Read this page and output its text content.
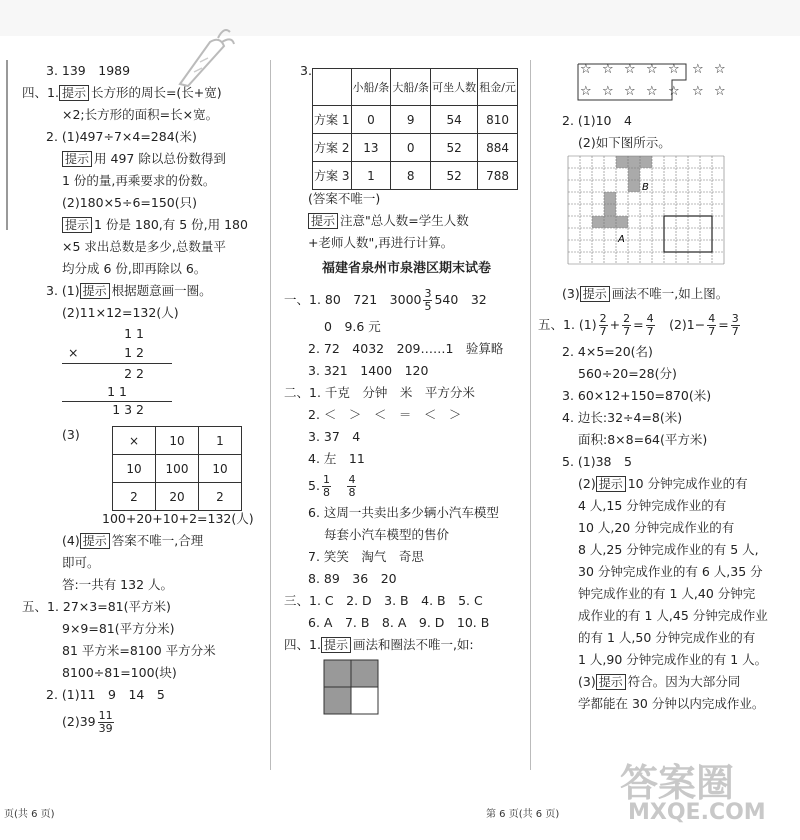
3. 139　1989
四、1. 提示 长方形的周长=(长+宽)
×2;长方形的面积=长×宽。
2. (1)497÷7×4=284(米)
提示 用 497 除以总份数得到
1 份的量,再乘要求的份数。
(2)180×5÷6=150(只)
提示 1 份是 180,有 5 份,用 180
×5 求出总数是多少,总数量平
均分成 6 份,即再除以 6。
3. (1) 提示 根据题意画一圈。
(2)11×12=132(人)
1 1
×	1 2
2 2
1 1
1 3 2
(3)	×	10	1
10	100	10
2	20	2
100+20+10+2=132(人)
(4) 提示 答案不唯一,合理
即可。
答:一共有 132 人。
五、1. 27×3=81(平方米)
9×9=81(平方分米)
81 平方米=8100 平方分米
8100÷81=100(块)
2. (1)11　9　14　5
$(2)39 \frac{11}{39}$
3.
	小船/条	大船/条	可坐人数	租金/元
方案 1	0	9	54	810
方案 2	13	0	52	884
方案 3	1	8	52	788
(答案不唯一)
提示 注意"总人数=学生人数
+老师人数",再进行计算。
福建省泉州市泉港区期末试卷
一、1. 80　721　$3000 \frac{3}{5} 540$　32
0　9.6 元
2. 72　4032　209……1　验算略
3. 321　1400　120
二、1. 千克　分钟　米　平方分米
2. ＜　＞　＜　＝　＜　＞
3. 37　4
4. 左　11
5. $\frac{1}{8}$
　 $\frac{4}{8}$
6. 这周一共卖出多少辆小汽车模型
每套小汽车模型的售价
7. 笑笑　淘气　奇思
8. 89　36　20
三、1. C　2. D　3. B　4. B　5. C
6. A　7. B　8. A　9. D　10. B
四、1. 提示 画法和圈法不唯一,如:
☆ ☆ ☆ ☆ ☆ ☆ ☆
☆ ☆ ☆ ☆ ☆ ☆ ☆
2. (1)10　4
(2)如下图所示。
B
A
(3) 提示 画法不唯一,如上图。
五、1. $(1) \frac{2}{7} + \frac{2}{7} = \frac{4}{7}$ 　$(2)1- \frac{4}{7} = \frac{3}{7}$
2. 4×5=20(名)
560÷20=28(分)
3. 60×12+150=870(米)
4. 边长:32÷4=8(米)
面积:8×8=64(平方米)
5. (1)38　5
(2) 提示 10 分钟完成作业的有
4 人,15 分钟完成作业的有
10 人,20 分钟完成作业的有
8 人,25 分钟完成作业的有 5 人,
30 分钟完成作业的有 6 人,35 分
钟完成作业的有 1 人,40 分钟完
成作业的有 1 人,45 分钟完成作业
的有 1 人,50 分钟完成作业的有
1 人,90 分钟完成作业的有 1 人。
(3) 提示 符合。因为大部分同
学都能在 30 分钟以内完成作业。
页(共 6 页)	第 6 页(共 6 页)
答案圈
MXQE.COM
